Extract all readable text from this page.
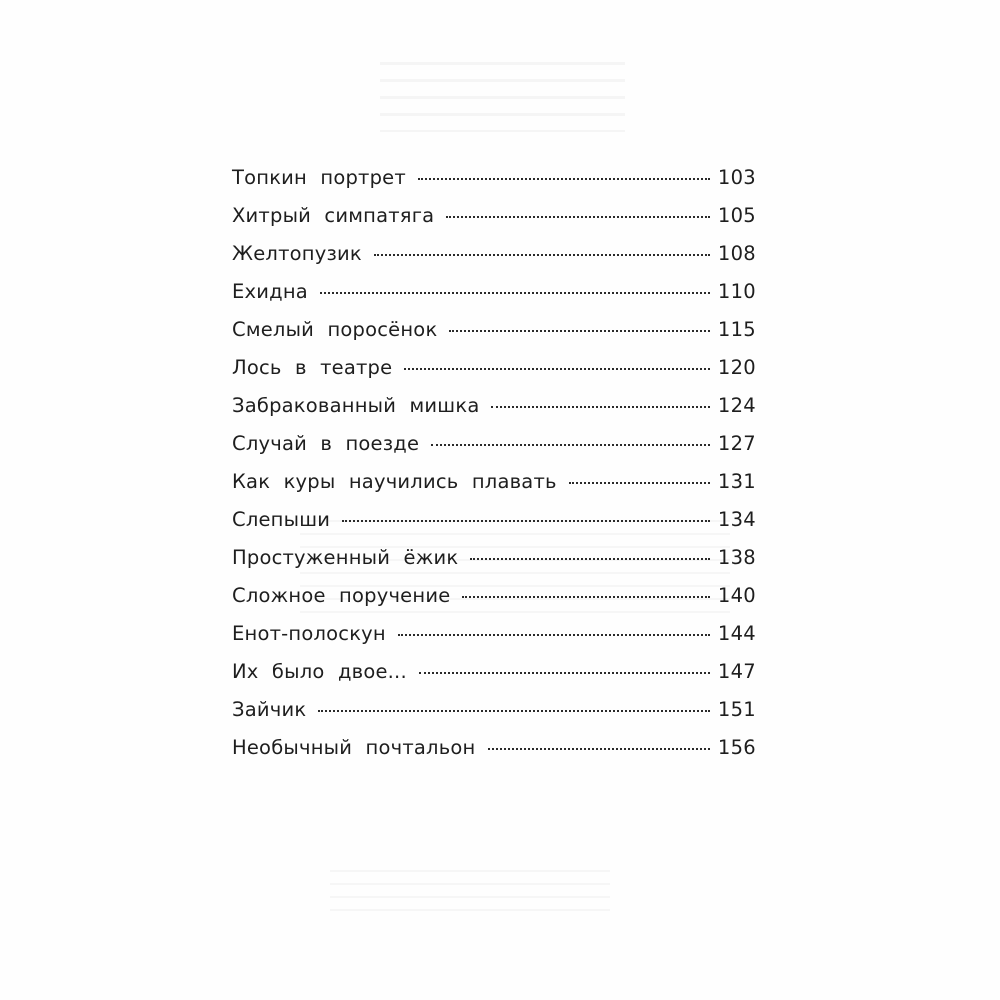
Топкин портрет	103
Хитрый симпатяга	105
Желтопузик	108
Ехидна	110
Смелый поросёнок	115
Лось в театре	120
Забракованный мишка	124
Случай в поезде	127
Как куры научились плавать	131
Слепыши	134
Простуженный ёжик	138
Сложное поручение	140
Енот-полоскун	144
Их было двое...	147
Зайчик	151
Необычный почтальон	156
